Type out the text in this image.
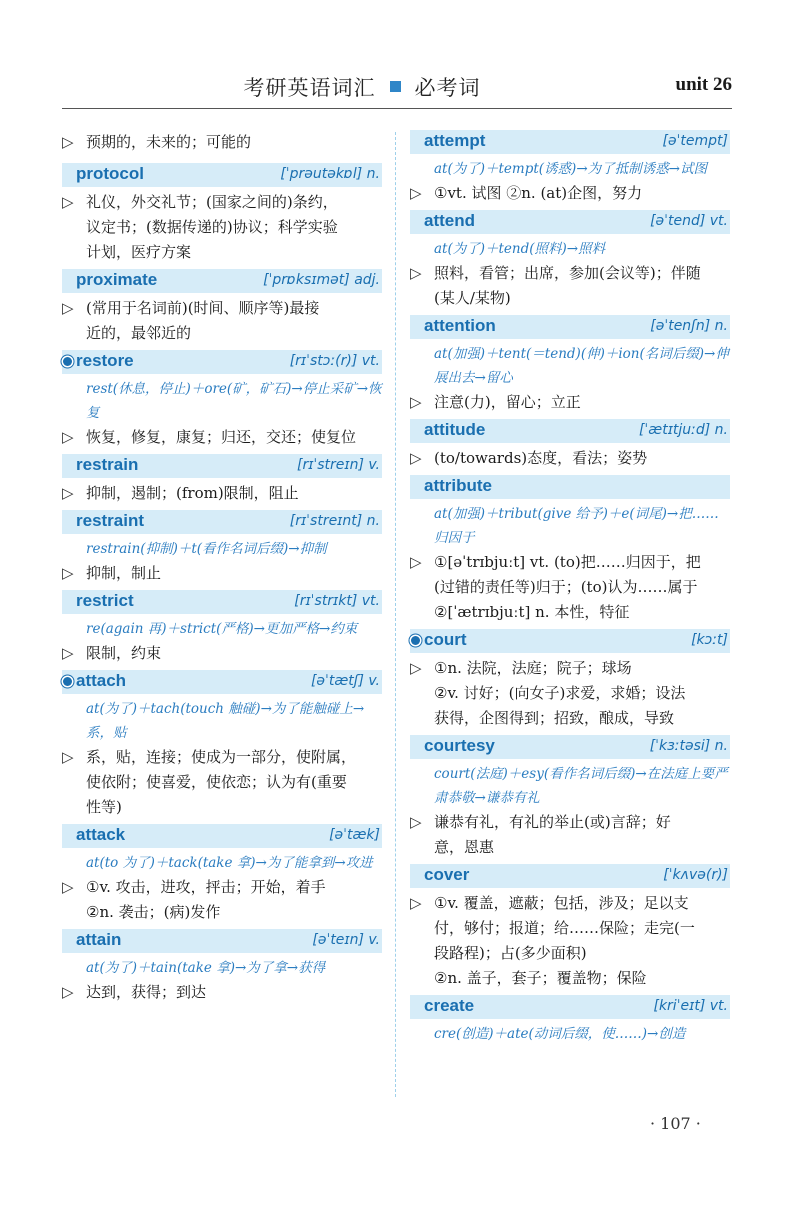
考研英语词汇 必考词	unit 26
▷ 预期的，未来的；可能的
protocol	[ˈprəutəkɒl] n.
▷ 礼仪，外交礼节；(国家之间的)条约，
议定书；(数据传递的)协议；科学实验
计划，医疗方案
proximate	[ˈprɒksɪmət] adj.
▷ (常用于名词前)(时间、顺序等)最接
近的，最邻近的
restore	[rɪˈstɔː(r)] vt.
rest(休息，停止)＋ore(矿，矿石)→停止采矿→恢复
▷ 恢复，修复，康复；归还，交还；使复位
restrain	[rɪˈstreɪn] v.
▷ 抑制，遏制；(from)限制，阻止
restraint	[rɪˈstreɪnt] n.
restrain(抑制)＋t(看作名词后缀)→抑制
▷ 抑制，制止
restrict	[rɪˈstrɪkt] vt.
re(again 再)＋strict(严格)→更加严格→约束
▷ 限制，约束
attach	[əˈtætʃ] v.
at(为了)＋tach(touch 触碰)→为了能触碰上→系，贴
▷ 系，贴，连接；使成为一部分，使附属，
使依附；使喜爱，使依恋；认为有(重要
性等)
attack	[əˈtæk]
at(to 为了)＋tack(take 拿)→为了能拿到→攻进
▷ ①v. 攻击，进攻，抨击；开始，着手
②n. 袭击；(病)发作
attain	[əˈteɪn] v.
at(为了)＋tain(take 拿)→为了拿→获得
▷ 达到，获得；到达
attempt	[əˈtempt]
at(为了)＋tempt(诱惑)→为了抵制诱惑→试图
▷ ①vt. 试图 ②n. (at)企图，努力
attend	[əˈtend] vt.
at(为了)＋tend(照料)→照料
▷ 照料，看管；出席，参加(会议等)；伴随
(某人/某物)
attention	[əˈtenʃn] n.
at(加强)＋tent(＝tend)(伸)＋ion(名词后缀)→伸展出去→留心
▷ 注意(力)，留心；立正
attitude	[ˈætɪtjuːd] n.
▷ (to/towards)态度，看法；姿势
attribute
at(加强)＋tribut(give 给予)＋e(词尾)→把……归因于
▷ ①[əˈtrɪbjuːt] vt. (to)把……归因于，把
(过错的责任等)归于；(to)认为……属于
②[ˈætrɪbjuːt] n. 本性，特征
court	[kɔːt]
▷ ①n. 法院，法庭；院子；球场
②v. 讨好；(向女子)求爱，求婚；设法
获得，企图得到；招致，酿成，导致
courtesy	[ˈkɜːtəsi] n.
court(法庭)＋esy(看作名词后缀)→在法庭上要严肃恭敬→谦恭有礼
▷ 谦恭有礼，有礼的举止(或)言辞；好
意，恩惠
cover	[ˈkʌvə(r)]
▷ ①v. 覆盖，遮蔽；包括，涉及；足以支
付，够付；报道；给……保险；走完(一
段路程)；占(多少面积)
②n. 盖子，套子；覆盖物；保险
create	[kriˈeɪt] vt.
cre(创造)＋ate(动词后缀，使……)→创造
· 107 ·
